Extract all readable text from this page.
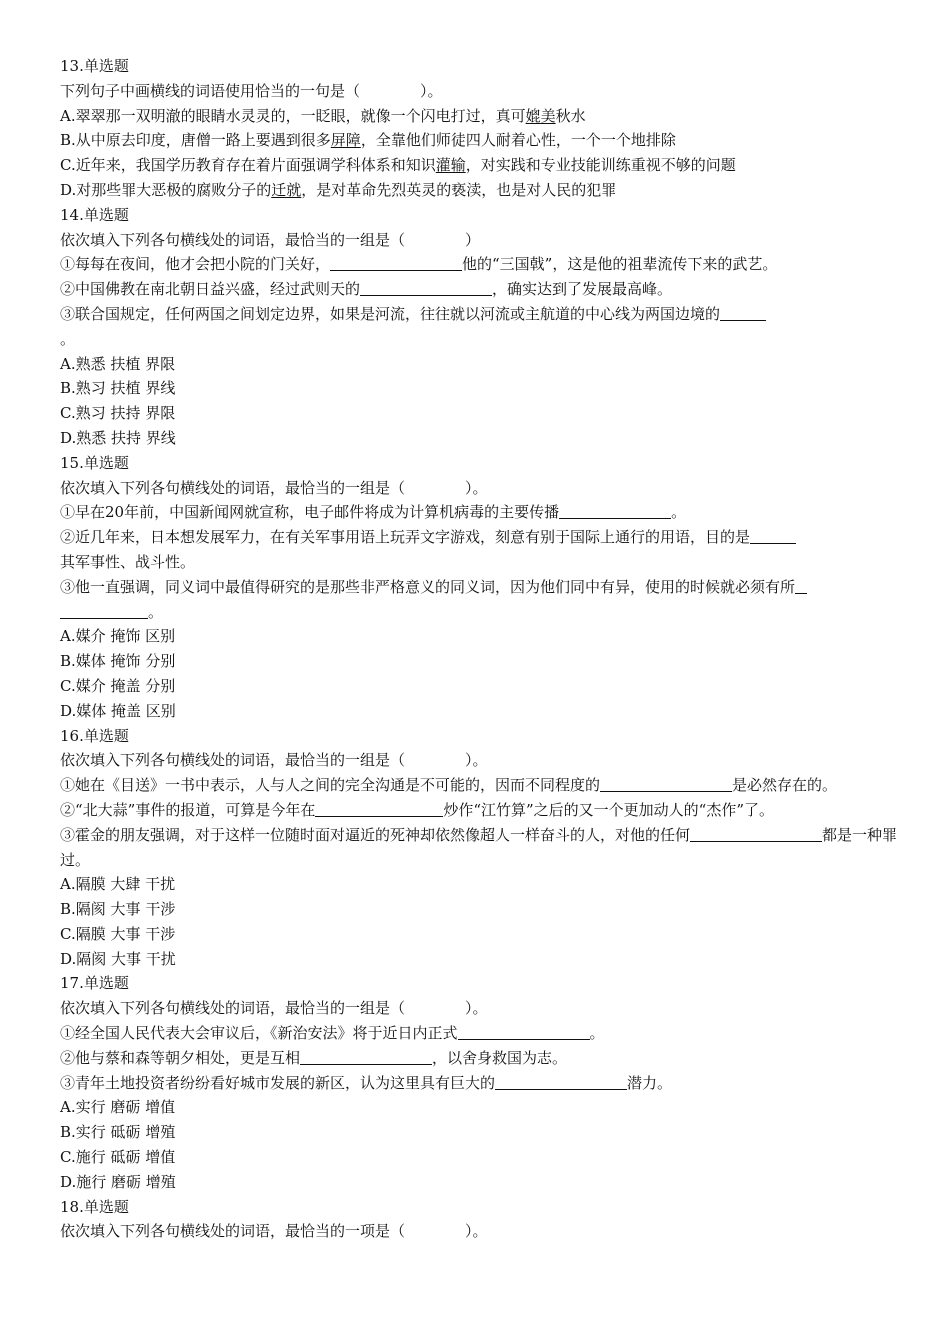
13.单选题
下列句子中画横线的词语使用恰当的一句是（　　　　）。
A.翠翠那一双明澈的眼睛水灵灵的，一眨眼，就像一个闪电打过，真可媲美秋水
B.从中原去印度，唐僧一路上要遇到很多屏障，全靠他们师徒四人耐着心性，一个一个地排除
C.近年来，我国学历教育存在着片面强调学科体系和知识灌输，对实践和专业技能训练重视不够的问题
D.对那些罪大恶极的腐败分子的迁就，是对革命先烈英灵的亵渎，也是对人民的犯罪
14.单选题
依次填入下列各句横线处的词语，最恰当的一组是（　　　　）
①每每在夜间，他才会把小院的门关好，	他的“三国戟”，这是他的祖辈流传下来的武艺。
②中国佛教在南北朝日益兴盛，经过武则天的	，确实达到了发展最高峰。
③联合国规定，任何两国之间划定边界，如果是河流，往往就以河流或主航道的中心线为两国边境的
。
A.熟悉 扶植 界限
B.熟习 扶植 界线
C.熟习 扶持 界限
D.熟悉 扶持 界线
15.单选题
依次填入下列各句横线处的词语，最恰当的一组是（　　　　）。
①早在20年前，中国新闻网就宣称，电子邮件将成为计算机病毒的主要传播	。
②近几年来，日本想发展军力，在有关军事用语上玩弄文字游戏，刻意有别于国际上通行的用语，目的是
其军事性、战斗性。
③他一直强调，同义词中最值得研究的是那些非严格意义的同义词，因为他们同中有异，使用的时候就必须有所
。
A.媒介 掩饰 区别
B.媒体 掩饰 分别
C.媒介 掩盖 分别
D.媒体 掩盖 区别
16.单选题
依次填入下列各句横线处的词语，最恰当的一组是（　　　　）。
①她在《目送》一书中表示，人与人之间的完全沟通是不可能的，因而不同程度的	是必然存在的。
②“北大蒜”事件的报道，可算是今年在	炒作“江竹算”之后的又一个更加动人的“杰作”了。
③霍金的朋友强调，对于这样一位随时面对逼近的死神却依然像超人一样奋斗的人，对他的任何	都是一种罪过。
A.隔膜 大肆 干扰
B.隔阂 大事 干涉
C.隔膜 大事 干涉
D.隔阂 大事 干扰
17.单选题
依次填入下列各句横线处的词语，最恰当的一组是（　　　　）。
①经全国人民代表大会审议后，《新治安法》将于近日内正式	。
②他与蔡和森等朝夕相处，更是互相	，以舍身救国为志。
③青年土地投资者纷纷看好城市发展的新区，认为这里具有巨大的	潜力。
A.实行 磨砺 增值
B.实行 砥砺 增殖
C.施行 砥砺 增值
D.施行 磨砺 增殖
18.单选题
依次填入下列各句横线处的词语，最恰当的一项是（　　　　）。
